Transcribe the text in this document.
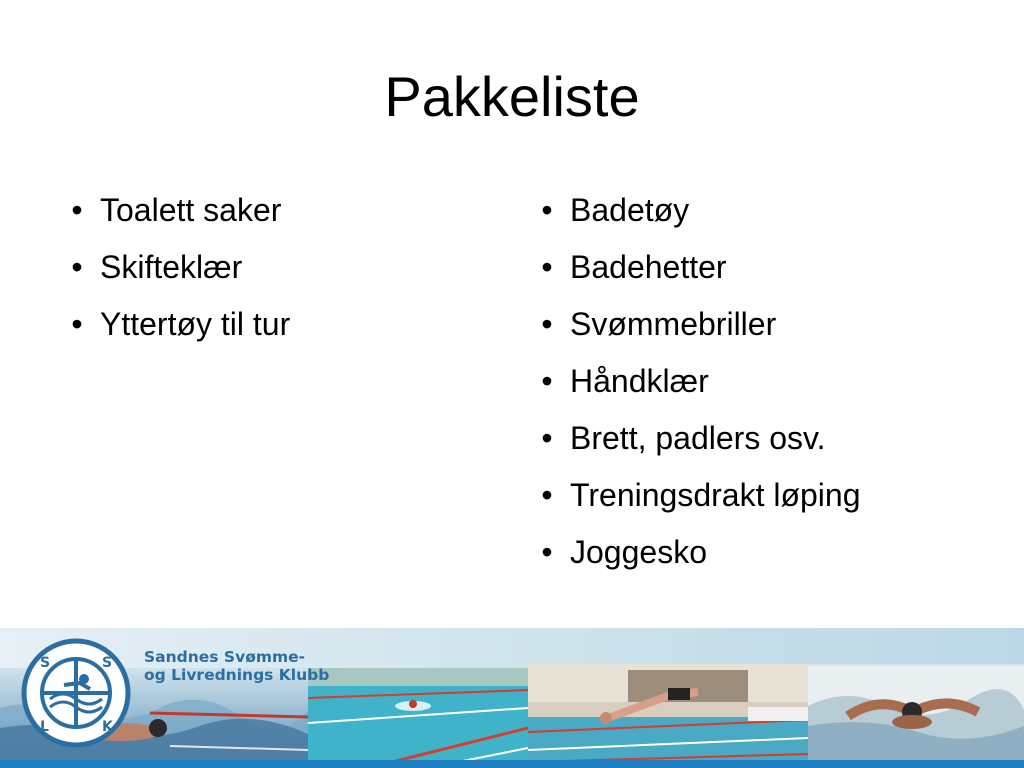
Pakkeliste
• Toalett saker
• Skifteklær
• Yttertøy til tur
• Badetøy
• Badehetter
• Svømmebriller
• Håndklær
• Brett, padlers osv.
• Treningsdrakt løping
• Joggesko
S	S
L	K
Sandnes Svømme-
og Livrednings Klubb
